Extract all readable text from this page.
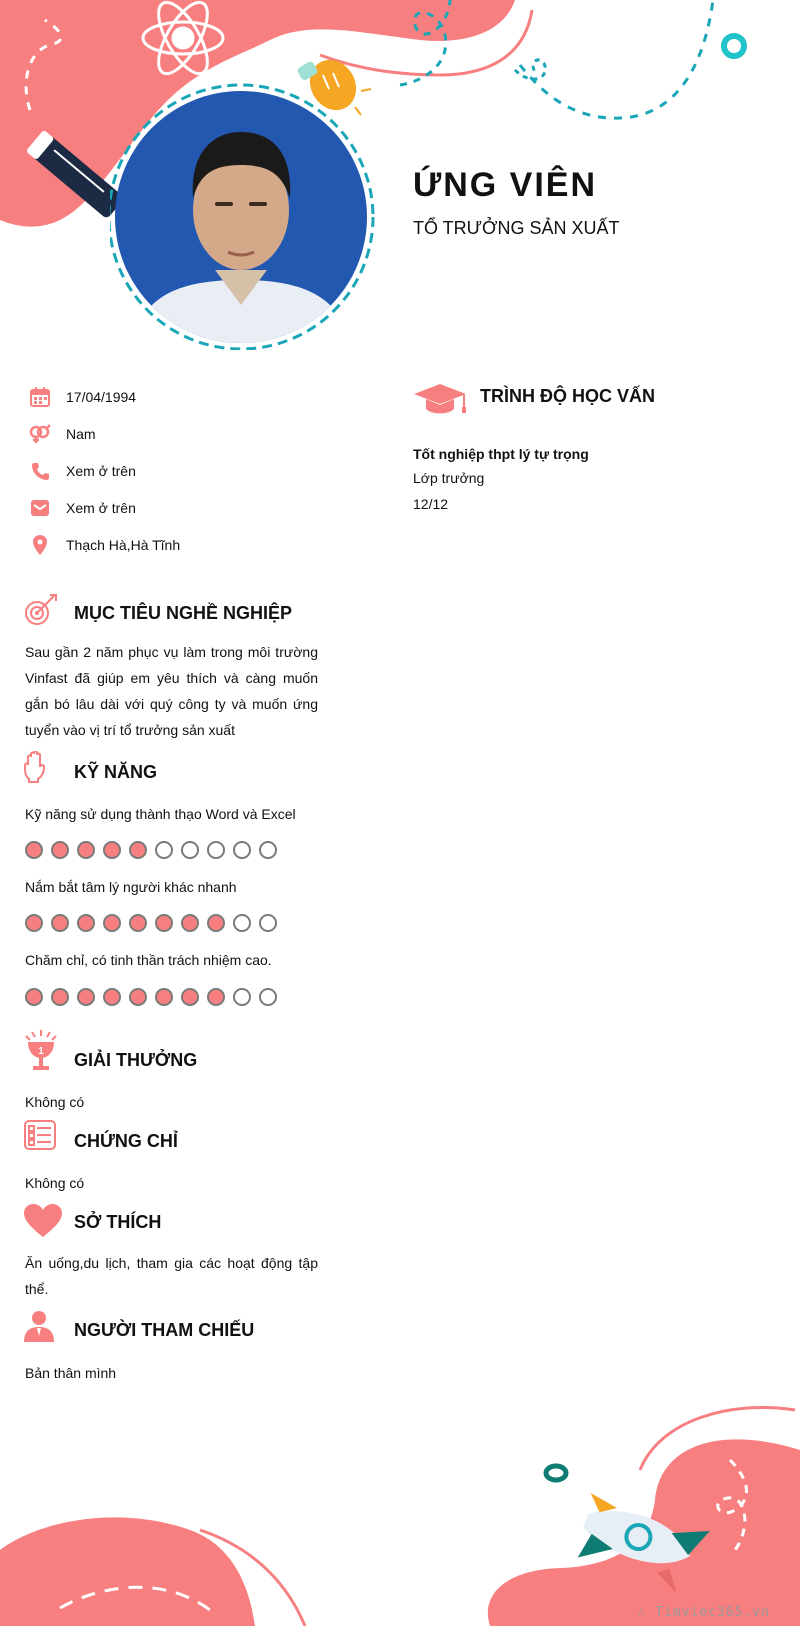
ỨNG VIÊN
TỔ TRƯỞNG SẢN XUẤT
17/04/1994
Nam
Xem ở trên
Xem ở trên
Thạch Hà,Hà Tĩnh
TRÌNH ĐỘ HỌC VẤN
Tốt nghiệp thpt lý tự trọng
Lớp trưởng
12/12
MỤC TIÊU NGHỀ NGHIỆP
Sau gần 2 năm phục vụ làm trong môi trường Vinfast đã giúp em yêu thích và càng muốn gắn bó lâu dài với quý công ty và muốn ứng tuyển vào vị trí tổ trưởng sản xuất
KỸ NĂNG
Kỹ năng sử dụng thành thạo Word và Excel
Nắm bắt tâm lý người khác nhanh
Chăm chỉ, có tinh thần trách nhiệm cao.
1 GIẢI THƯỞNG
Không có
CHỨNG CHỈ
Không có
SỞ THÍCH
Ăn uống,du lịch, tham gia các hoạt động tập thể.
NGƯỜI THAM CHIẾU
Bản thân mình
∴ Timviec365.vn
